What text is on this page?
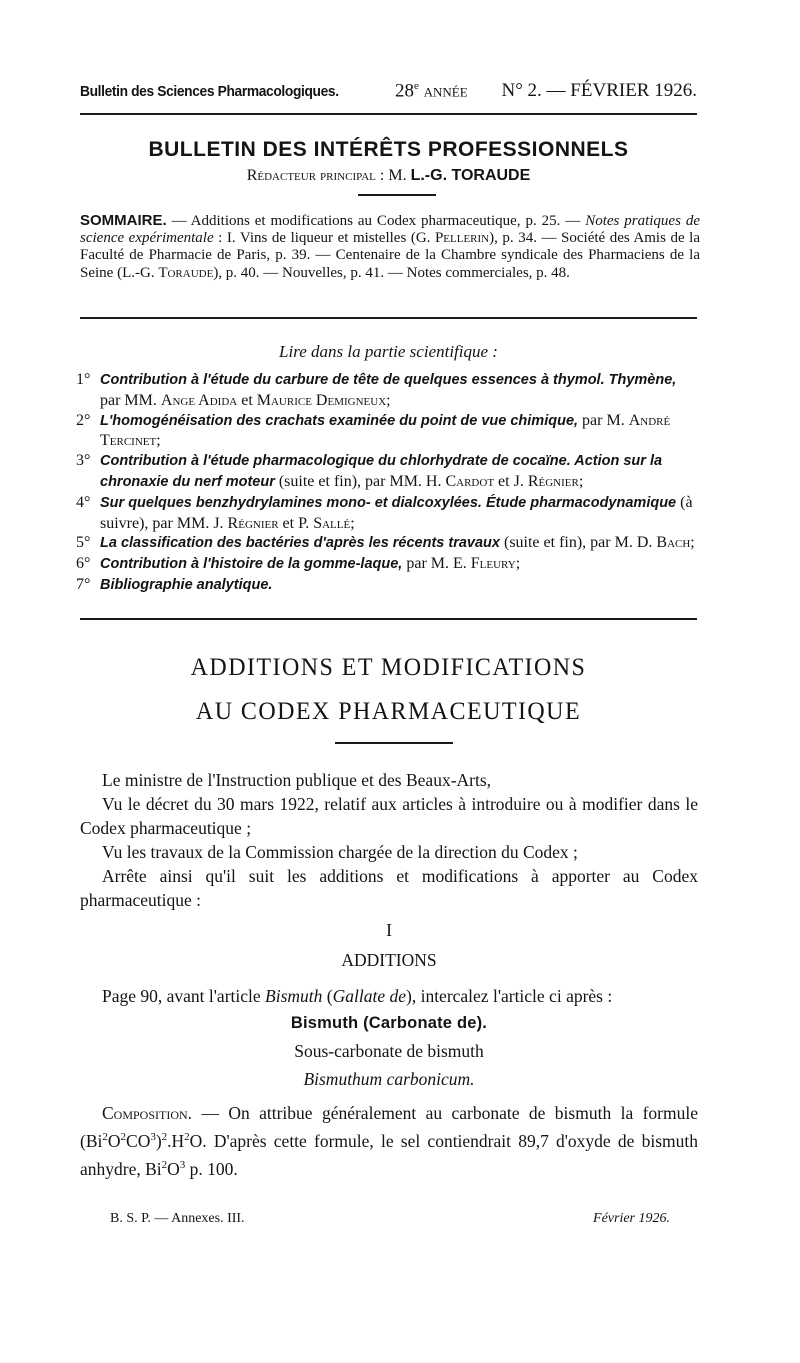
Bulletin des Sciences Pharmacologiques.	28e année N° 2. — FÉVRIER 1926.
BULLETIN DES INTÉRÊTS PROFESSIONNELS
Rédacteur principal : M. L.-G. TORAUDE
SOMMAIRE. — Additions et modifications au Codex pharmaceutique, p. 25. — Notes pratiques de science expérimentale : I. Vins de liqueur et mistelles (G. Pellerin), p. 34. — Société des Amis de la Faculté de Pharmacie de Paris, p. 39. — Centenaire de la Chambre syndicale des Pharmaciens de la Seine (L.-G. Toraude), p. 40. — Nouvelles, p. 41. — Notes commerciales, p. 48.
Lire dans la partie scientifique :
1° Contribution à l'étude du carbure de tête de quelques essences à thymol. Thymène, par MM. Ange Adida et Maurice Demigneux;
2° L'homogénéisation des crachats examinée du point de vue chimique, par M. André Tercinet;
3° Contribution à l'étude pharmacologique du chlorhydrate de cocaïne. Action sur la chronaxie du nerf moteur (suite et fin), par MM. H. Cardot et J. Régnier;
4° Sur quelques benzhydrylamines mono- et dialcoxylées. Étude pharmacodynamique (à suivre), par MM. J. Régnier et P. Sallé;
5° La classification des bactéries d'après les récents travaux (suite et fin), par M. D. Bach;
6° Contribution à l'histoire de la gomme-laque, par M. E. Fleury;
7° Bibliographie analytique.
ADDITIONS ET MODIFICATIONS
AU CODEX PHARMACEUTIQUE

Le ministre de l'Instruction publique et des Beaux-Arts,

Vu le décret du 30 mars 1922, relatif aux articles à introduire ou à modifier dans le Codex pharmaceutique ;

Vu les travaux de la Commission chargée de la direction du Codex ;

Arrête ainsi qu'il suit les additions et modifications à apporter au Codex pharmaceutique :

I

ADDITIONS

Page 90, avant l'article Bismuth (Gallate de), intercalez l'article ci après :

Bismuth (Carbonate de).

Sous-carbonate de bismuth

Bismuthum carbonicum.

Composition. — On attribue généralement au carbonate de bismuth la formule $(Bi^2O^2CO^3)^2.H^2O$. D'après cette formule, le sel contiendrait 89,7 d'oxyde de bismuth anhydre, $Bi^2O^3$ p. 100.

B. S. P. — Annexes. III.	Février 1926.
